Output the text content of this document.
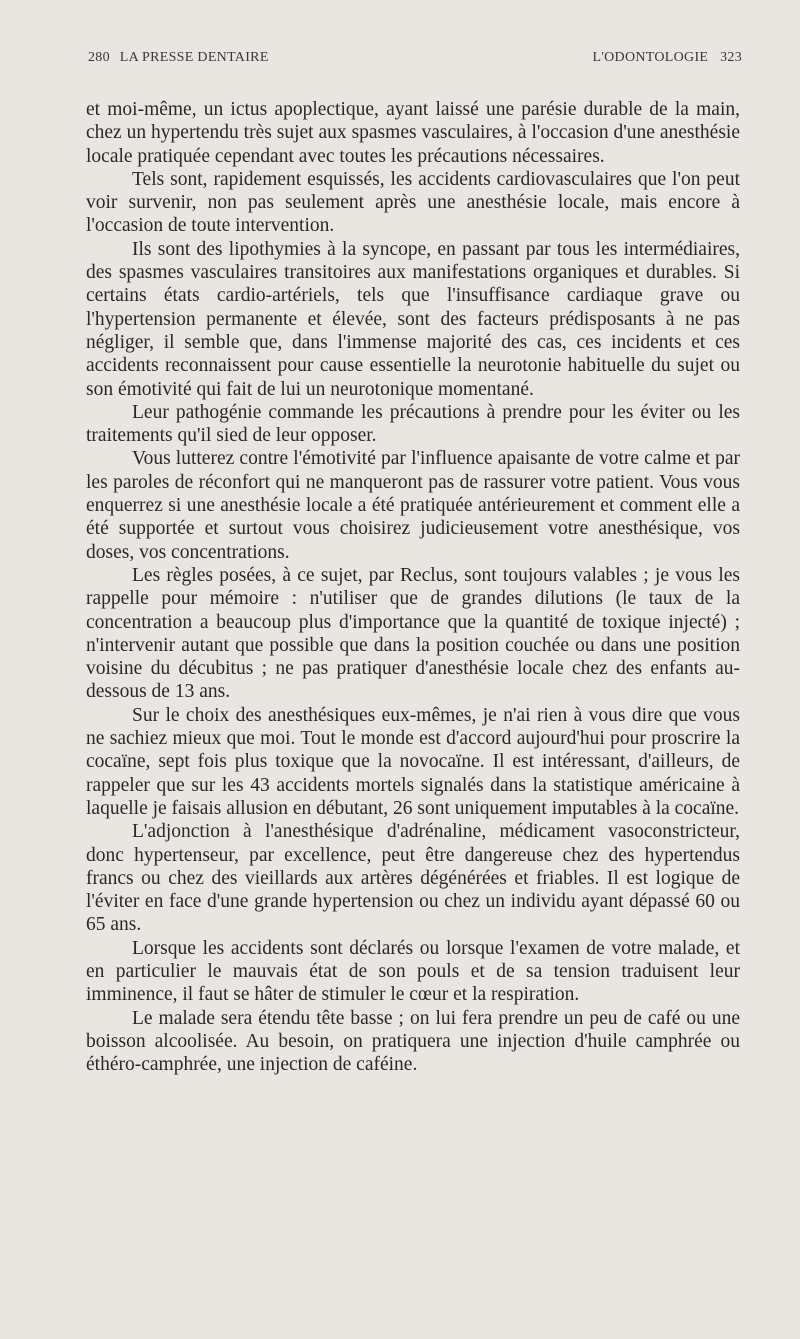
280 LA PRESSE DENTAIRE	L'ODONTOLOGIE 323

et moi-même, un ictus apoplectique, ayant laissé une parésie durable de la main, chez un hypertendu très sujet aux spasmes vasculaires, à l'occasion d'une anesthésie locale pratiquée cependant avec toutes les précautions nécessaires.

Tels sont, rapidement esquissés, les accidents cardiovasculaires que l'on peut voir survenir, non pas seulement après une anesthésie locale, mais encore à l'occasion de toute intervention.

Ils sont des lipothymies à la syncope, en passant par tous les intermédiaires, des spasmes vasculaires transitoires aux manifestations organiques et durables. Si certains états cardio-artériels, tels que l'insuffisance cardiaque grave ou l'hypertension permanente et élevée, sont des facteurs prédisposants à ne pas négliger, il semble que, dans l'immense majorité des cas, ces incidents et ces accidents reconnaissent pour cause essentielle la neurotonie habituelle du sujet ou son émotivité qui fait de lui un neurotonique momentané.

Leur pathogénie commande les précautions à prendre pour les éviter ou les traitements qu'il sied de leur opposer.

Vous lutterez contre l'émotivité par l'influence apaisante de votre calme et par les paroles de réconfort qui ne manqueront pas de rassurer votre patient. Vous vous enquerrez si une anesthésie locale a été pratiquée antérieurement et comment elle a été supportée et surtout vous choisirez judicieusement votre anesthésique, vos doses, vos concentrations.

Les règles posées, à ce sujet, par Reclus, sont toujours valables ; je vous les rappelle pour mémoire : n'utiliser que de grandes dilutions (le taux de la concentration a beaucoup plus d'importance que la quantité de toxique injecté) ; n'intervenir autant que possible que dans la position couchée ou dans une position voisine du décubitus ; ne pas pratiquer d'anesthésie locale chez des enfants au-dessous de 13 ans.

Sur le choix des anesthésiques eux-mêmes, je n'ai rien à vous dire que vous ne sachiez mieux que moi. Tout le monde est d'accord aujourd'hui pour proscrire la cocaïne, sept fois plus toxique que la novocaïne. Il est intéressant, d'ailleurs, de rappeler que sur les 43 accidents mortels signalés dans la statistique américaine à laquelle je faisais allusion en débutant, 26 sont uniquement imputables à la cocaïne.

L'adjonction à l'anesthésique d'adrénaline, médicament vasoconstricteur, donc hypertenseur, par excellence, peut être dangereuse chez des hypertendus francs ou chez des vieillards aux artères dégénérées et friables. Il est logique de l'éviter en face d'une grande hypertension ou chez un individu ayant dépassé 60 ou 65 ans.

Lorsque les accidents sont déclarés ou lorsque l'examen de votre malade, et en particulier le mauvais état de son pouls et de sa tension traduisent leur imminence, il faut se hâter de stimuler le cœur et la respiration.

Le malade sera étendu tête basse ; on lui fera prendre un peu de café ou une boisson alcoolisée. Au besoin, on pratiquera une injection d'huile camphrée ou éthéro-camphrée, une injection de caféine.
